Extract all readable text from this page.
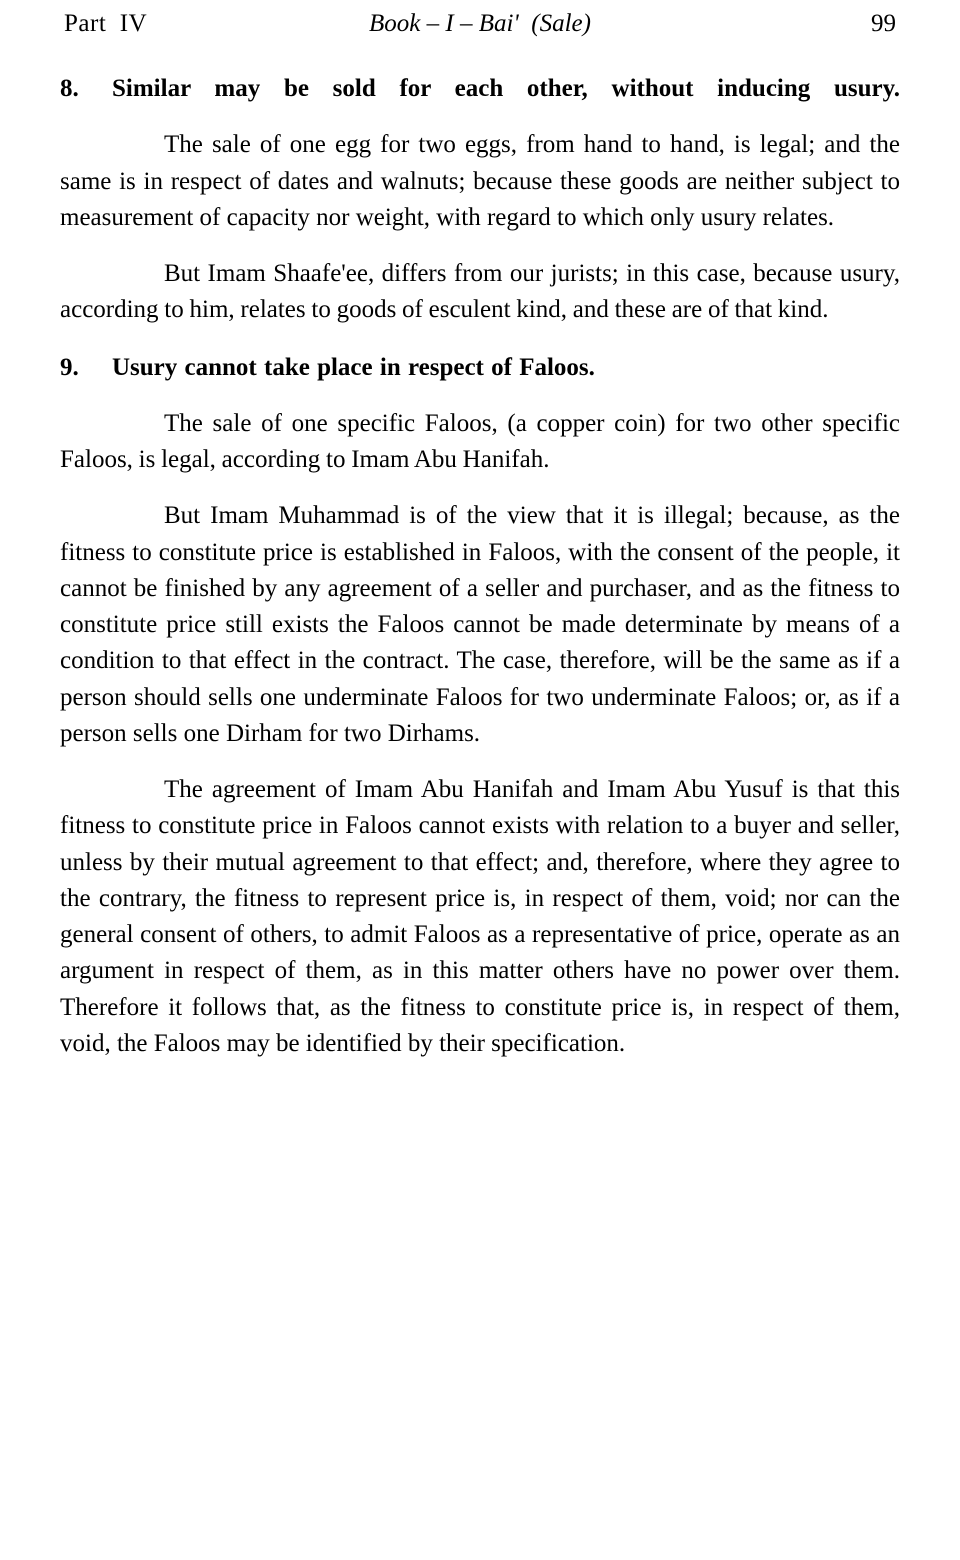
Part  IV	Book – I – Bai'  (Sale)	99
8.	Similar may be sold for each other, without inducing usury.

The sale of one egg for two eggs, from hand to hand, is legal; and the same is in respect of dates and walnuts; because these goods are neither subject to measurement of capacity nor weight, with regard to which only usury relates.

But Imam Shaafe'ee, differs from our jurists; in this case, because usury, according to him, relates to goods of esculent kind, and these are of that kind.

9.	Usury cannot take place in respect of Faloos.

The sale of one specific Faloos, (a copper coin) for two other specific Faloos, is legal, according to Imam Abu Hanifah.

But Imam Muhammad is of the view that it is illegal; because, as the fitness to constitute price is established in Faloos, with the consent of the people, it cannot be finished by any agreement of a seller and purchaser, and as the fitness to constitute price still exists the Faloos cannot be made determinate by means of a condition to that effect in the contract. The case, therefore, will be the same as if a person should sells one underminate Faloos for two underminate Faloos; or, as if a person sells one Dirham for two Dirhams.

The agreement of Imam Abu Hanifah and Imam Abu Yusuf is that this fitness to constitute price in Faloos cannot exists with relation to a buyer and seller, unless by their mutual agreement to that effect; and, therefore, where they agree to the contrary, the fitness to represent price is, in respect of them, void; nor can the general consent of others, to admit Faloos as a representative of price, operate as an argument in respect of them, as in this matter others have no power over them. Therefore it follows that, as the fitness to constitute price is, in respect of them, void, the Faloos may be identified by their specification.
